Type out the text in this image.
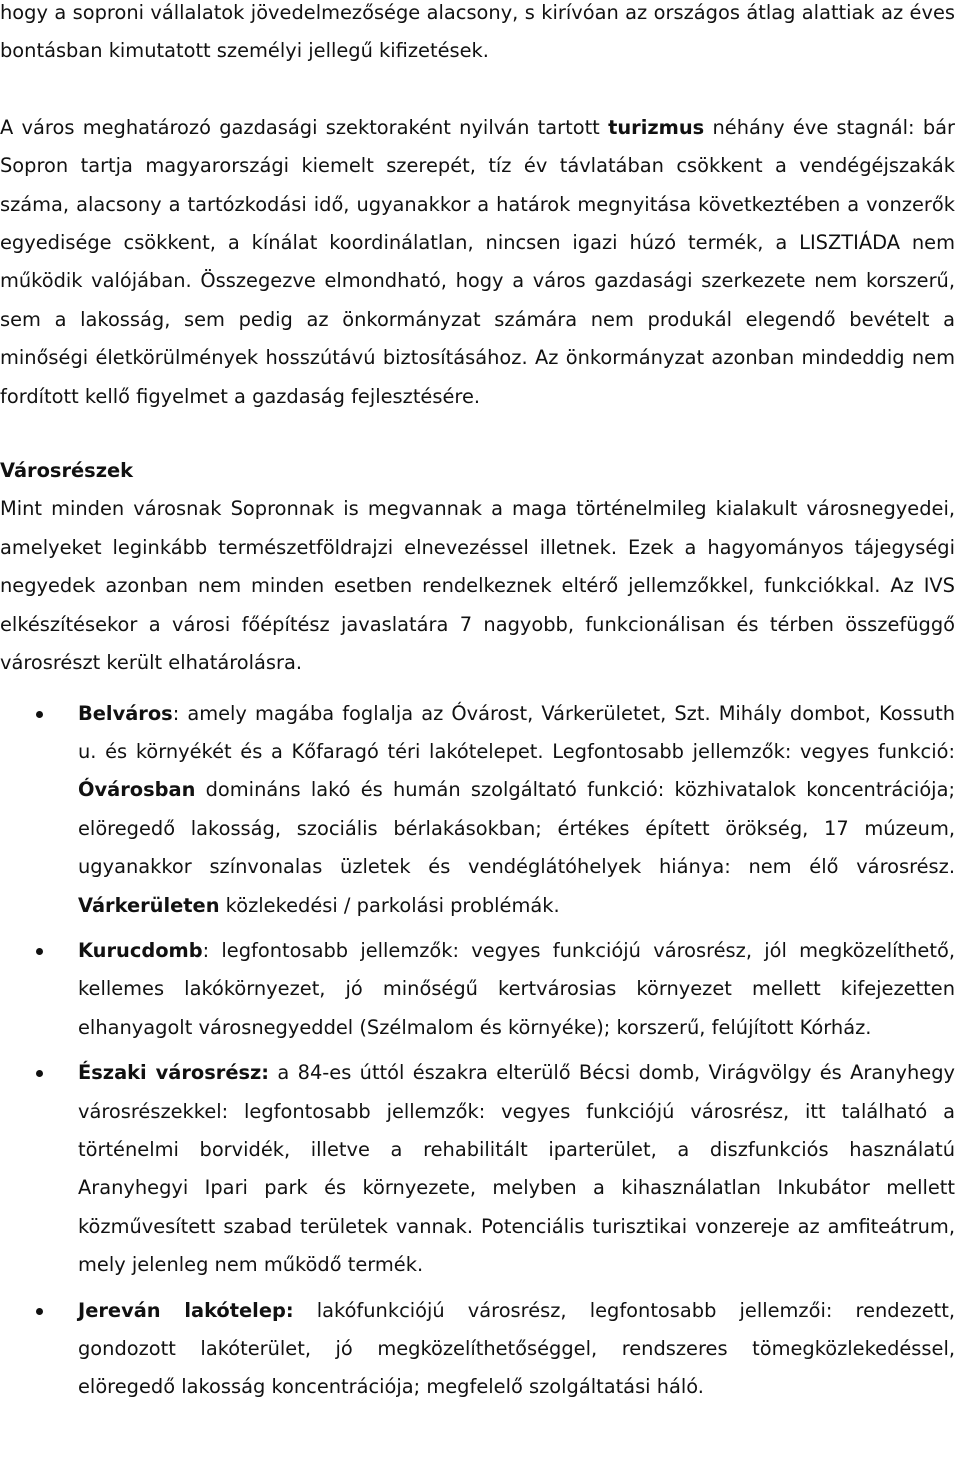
hogy a soproni vállalatok jövedelmezősége alacsony, s kirívóan az országos átlag alattiak az éves bontásban kimutatott személyi jellegű kifizetések.

A város meghatározó gazdasági szektoraként nyilván tartott turizmus néhány éve stagnál: bár Sopron tartja magyarországi kiemelt szerepét, tíz év távlatában csökkent a vendégéjszakák száma, alacsony a tartózkodási idő, ugyanakkor a határok megnyitása következtében a vonzerők egyedisége csökkent, a kínálat koordinálatlan, nincsen igazi húzó termék, a LISZTIÁDA nem működik valójában. Összegezve elmondható, hogy a város gazdasági szerkezete nem korszerű, sem a lakosság, sem pedig az önkormányzat számára nem produkál elegendő bevételt a minőségi életkörülmények hosszútávú biztosításához. Az önkormányzat azonban mindeddig nem fordított kellő figyelmet a gazdaság fejlesztésére.

Városrészek

Mint minden városnak Sopronnak is megvannak a maga történelmileg kialakult városnegyedei, amelyeket leginkább természetföldrajzi elnevezéssel illetnek. Ezek a hagyományos tájegységi negyedek azonban nem minden esetben rendelkeznek eltérő jellemzőkkel, funkciókkal. Az IVS elkészítésekor a városi főépítész javaslatára 7 nagyobb, funkcionálisan és térben összefüggő városrészt került elhatárolásra.

Belváros: amely magába foglalja az Óvárost, Várkerületet, Szt. Mihály dombot, Kossuth u. és környékét és a Kőfaragó téri lakótelepet. Legfontosabb jellemzők: vegyes funkció: Óvárosban domináns lakó és humán szolgáltató funkció: közhivatalok koncentrációja; elöregedő lakosság, szociális bérlakásokban; értékes épített örökség, 17 múzeum, ugyanakkor színvonalas üzletek és vendéglátóhelyek hiánya: nem élő városrész. Várkerületen közlekedési / parkolási problémák.
Kurucdomb: legfontosabb jellemzők: vegyes funkciójú városrész, jól megközelíthető, kellemes lakókörnyezet, jó minőségű kertvárosias környezet mellett kifejezetten elhanyagolt városnegyeddel (Szélmalom és környéke); korszerű, felújított Kórház.
Északi városrész: a 84-es úttól északra elterülő Bécsi domb, Virágvölgy és Aranyhegy városrészekkel: legfontosabb jellemzők: vegyes funkciójú városrész, itt található a történelmi borvidék, illetve a rehabilitált iparterület, a diszfunkciós használatú Aranyhegyi Ipari park és környezete, melyben a kihasználatlan Inkubátor mellett közművesített szabad területek vannak. Potenciális turisztikai vonzereje az amfiteátrum, mely jelenleg nem működő termék.
Jereván lakótelep: lakófunkciójú városrész, legfontosabb jellemzői: rendezett, gondozott lakóterület, jó megközelíthetőséggel, rendszeres tömegközlekedéssel, elöregedő lakosság koncentrációja; megfelelő szolgáltatási háló.
